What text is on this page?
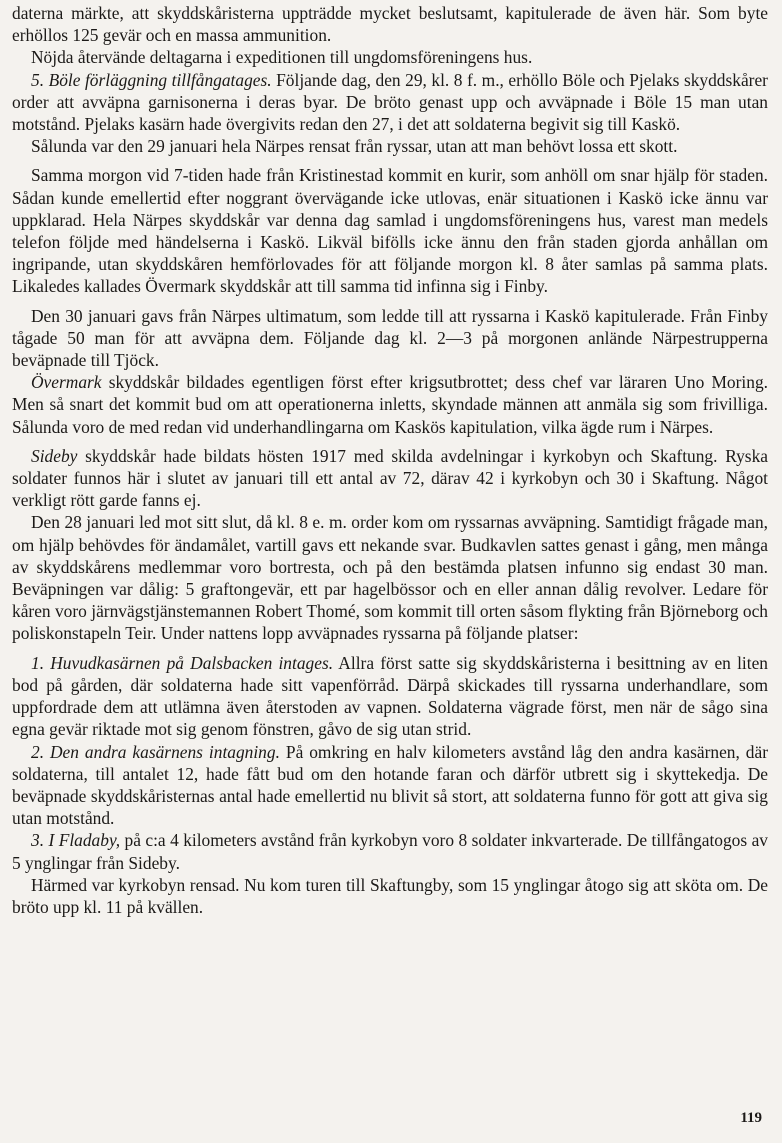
daterna märkte, att skyddskåristerna uppträdde mycket beslutsamt, kapitulerade de även här. Som byte erhöllos 125 gevär och en massa ammunition.

Nöjda återvände deltagarna i expeditionen till ungdomsföreningens hus.

5. Böle förläggning tillfångatages. Följande dag, den 29, kl. 8 f. m., erhöllo Böle och Pjelaks skyddskårer order att avväpna garnisonerna i deras byar. De bröto genast upp och avväpnade i Böle 15 man utan motstånd. Pjelaks kasärn hade övergivits redan den 27, i det att soldaterna begivit sig till Kaskö.

Sålunda var den 29 januari hela Närpes rensat från ryssar, utan att man behövt lossa ett skott.

Samma morgon vid 7-tiden hade från Kristinestad kommit en kurir, som anhöll om snar hjälp för staden. Sådan kunde emellertid efter noggrant övervägande icke utlovas, enär situationen i Kaskö icke ännu var uppklarad. Hela Närpes skyddskår var denna dag samlad i ungdomsföreningens hus, varest man medels telefon följde med händelserna i Kaskö. Likväl bifölls icke ännu den från staden gjorda anhållan om ingripande, utan skyddskåren hemförlovades för att följande morgon kl. 8 åter samlas på samma plats. Likaledes kallades Övermark skyddskår att till samma tid infinna sig i Finby.

Den 30 januari gavs från Närpes ultimatum, som ledde till att ryssarna i Kaskö kapitulerade. Från Finby tågade 50 man för att avväpna dem. Följande dag kl. 2—3 på morgonen anlände Närpestrupperna beväpnade till Tjöck.

Övermark skyddskår bildades egentligen först efter krigsutbrottet; dess chef var läraren Uno Moring. Men så snart det kommit bud om att operationerna inletts, skyndade männen att anmäla sig som frivilliga. Sålunda voro de med redan vid underhandlingarna om Kaskös kapitulation, vilka ägde rum i Närpes.

Sideby skyddskår hade bildats hösten 1917 med skilda avdelningar i kyrkobyn och Skaftung. Ryska soldater funnos här i slutet av januari till ett antal av 72, därav 42 i kyrkobyn och 30 i Skaftung. Något verkligt rött garde fanns ej.

Den 28 januari led mot sitt slut, då kl. 8 e. m. order kom om ryssarnas avväpning. Samtidigt frågade man, om hjälp behövdes för ändamålet, vartill gavs ett nekande svar. Budkavlen sattes genast i gång, men många av skyddskårens medlemmar voro bortresta, och på den bestämda platsen infunno sig endast 30 man. Beväpningen var dålig: 5 graftongevär, ett par hagelbössor och en eller annan dålig revolver. Ledare för kåren voro järnvägstjänstemannen Robert Thomé, som kommit till orten såsom flykting från Björneborg och poliskonstapeln Teir. Under nattens lopp avväpnades ryssarna på följande platser:

1. Huvudkasärnen på Dalsbacken intages. Allra först satte sig skyddskåristerna i besittning av en liten bod på gården, där soldaterna hade sitt vapenförråd. Därpå skickades till ryssarna underhandlare, som uppfordrade dem att utlämna även återstoden av vapnen. Soldaterna vägrade först, men när de sågo sina egna gevär riktade mot sig genom fönstren, gåvo de sig utan strid.

2. Den andra kasärnens intagning. På omkring en halv kilometers avstånd låg den andra kasärnen, där soldaterna, till antalet 12, hade fått bud om den hotande faran och därför utbrett sig i skyttekedja. De beväpnade skyddskåristernas antal hade emellertid nu blivit så stort, att soldaterna funno för gott att giva sig utan motstånd.

3. I Fladaby, på c:a 4 kilometers avstånd från kyrkobyn voro 8 soldater inkvarterade. De tillfångatogos av 5 ynglingar från Sideby.

Härmed var kyrkobyn rensad. Nu kom turen till Skaftungby, som 15 ynglingar åtogo sig att sköta om. De bröto upp kl. 11 på kvällen.

119
